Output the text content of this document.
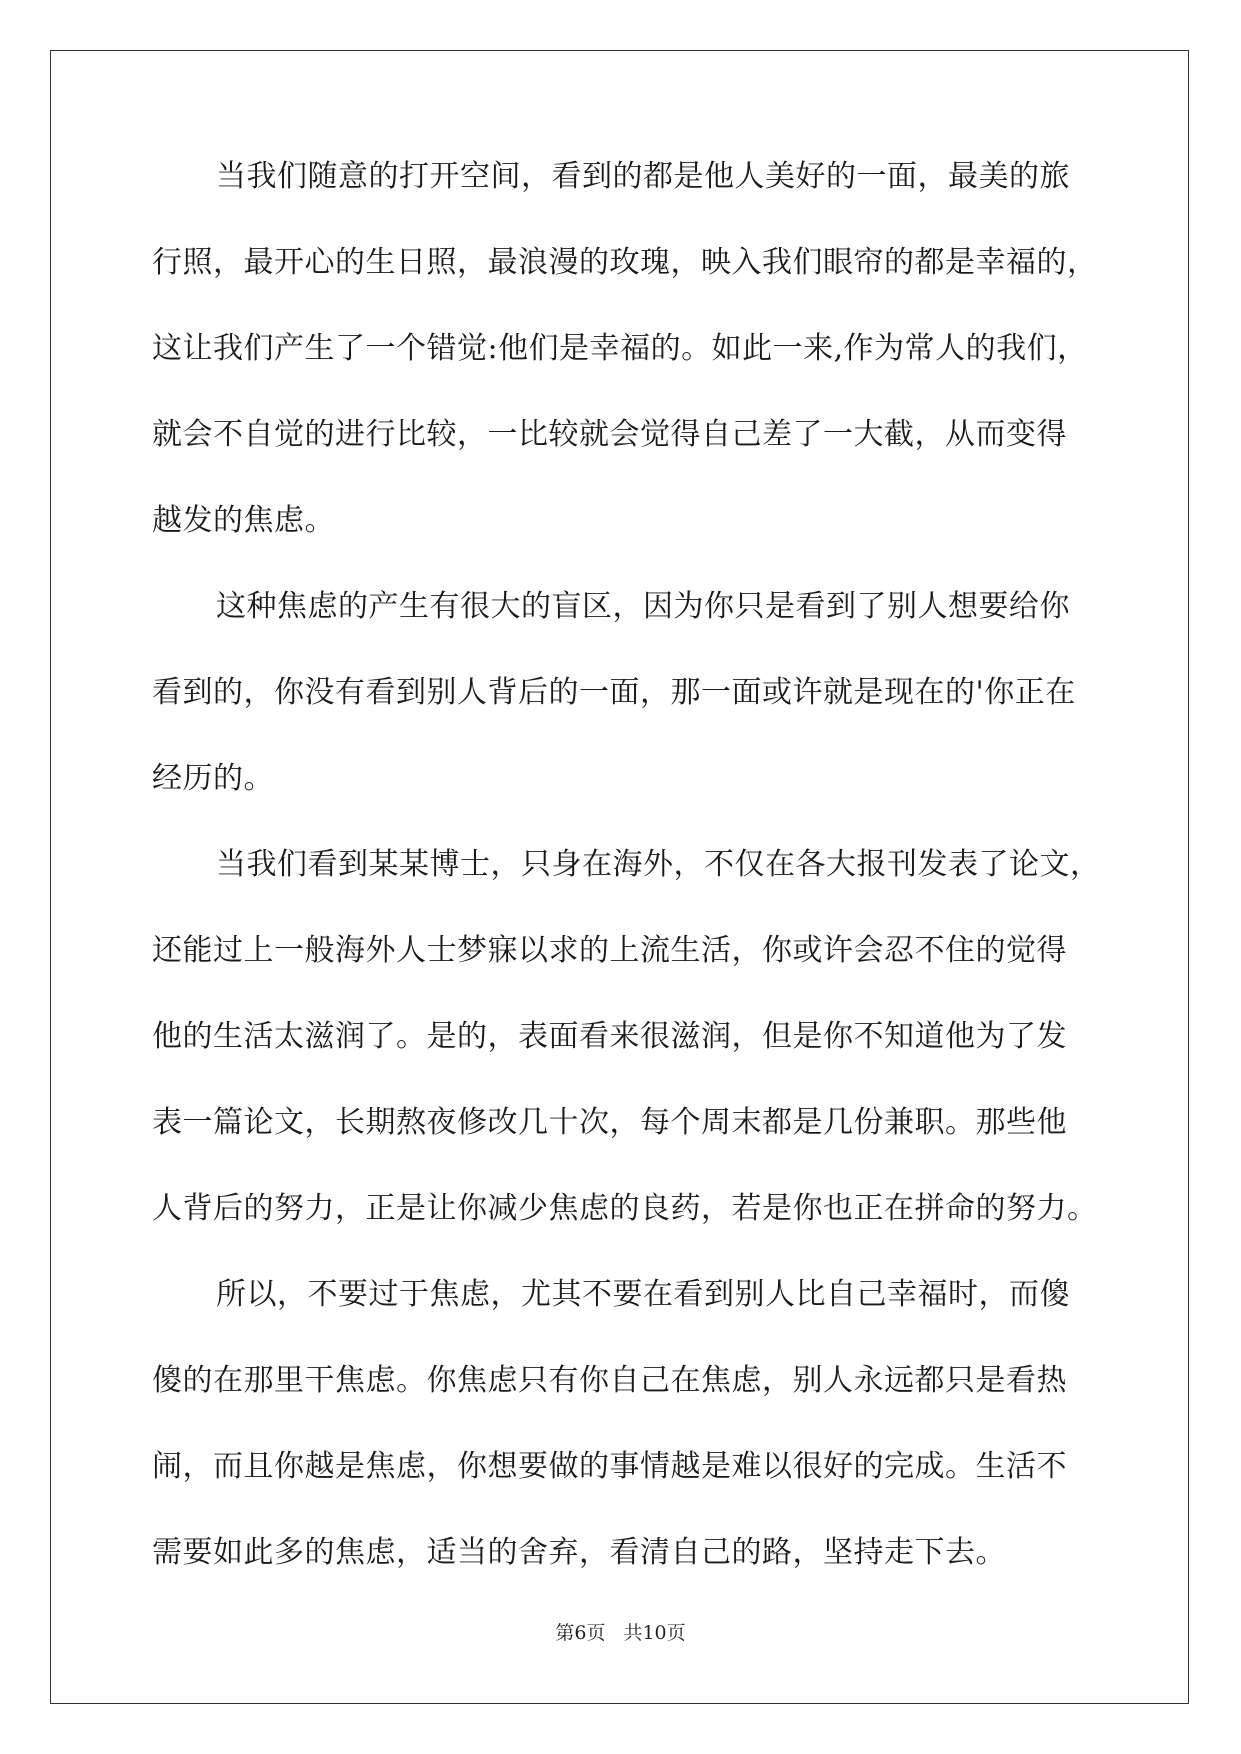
当我们随意的打开空间，看到的都是他人美好的一面，最美的旅
行照，最开心的生日照，最浪漫的玫瑰，映入我们眼帘的都是幸福的，
这让我们产生了一个错觉:他们是幸福的。如此一来,作为常人的我们，
就会不自觉的进行比较，一比较就会觉得自己差了一大截，从而变得
越发的焦虑。
这种焦虑的产生有很大的盲区，因为你只是看到了别人想要给你
看到的，你没有看到别人背后的一面，那一面或许就是现在的'你正在
经历的。
当我们看到某某博士，只身在海外，不仅在各大报刊发表了论文，
还能过上一般海外人士梦寐以求的上流生活，你或许会忍不住的觉得
他的生活太滋润了。是的，表面看来很滋润，但是你不知道他为了发
表一篇论文，长期熬夜修改几十次，每个周末都是几份兼职。那些他
人背后的努力，正是让你减少焦虑的良药，若是你也正在拼命的努力。
所以，不要过于焦虑，尤其不要在看到别人比自己幸福时，而傻
傻的在那里干焦虑。你焦虑只有你自己在焦虑，别人永远都只是看热
闹，而且你越是焦虑，你想要做的事情越是难以很好的完成。生活不
需要如此多的焦虑，适当的舍弃，看清自己的路，坚持走下去。
第6页 共10页
